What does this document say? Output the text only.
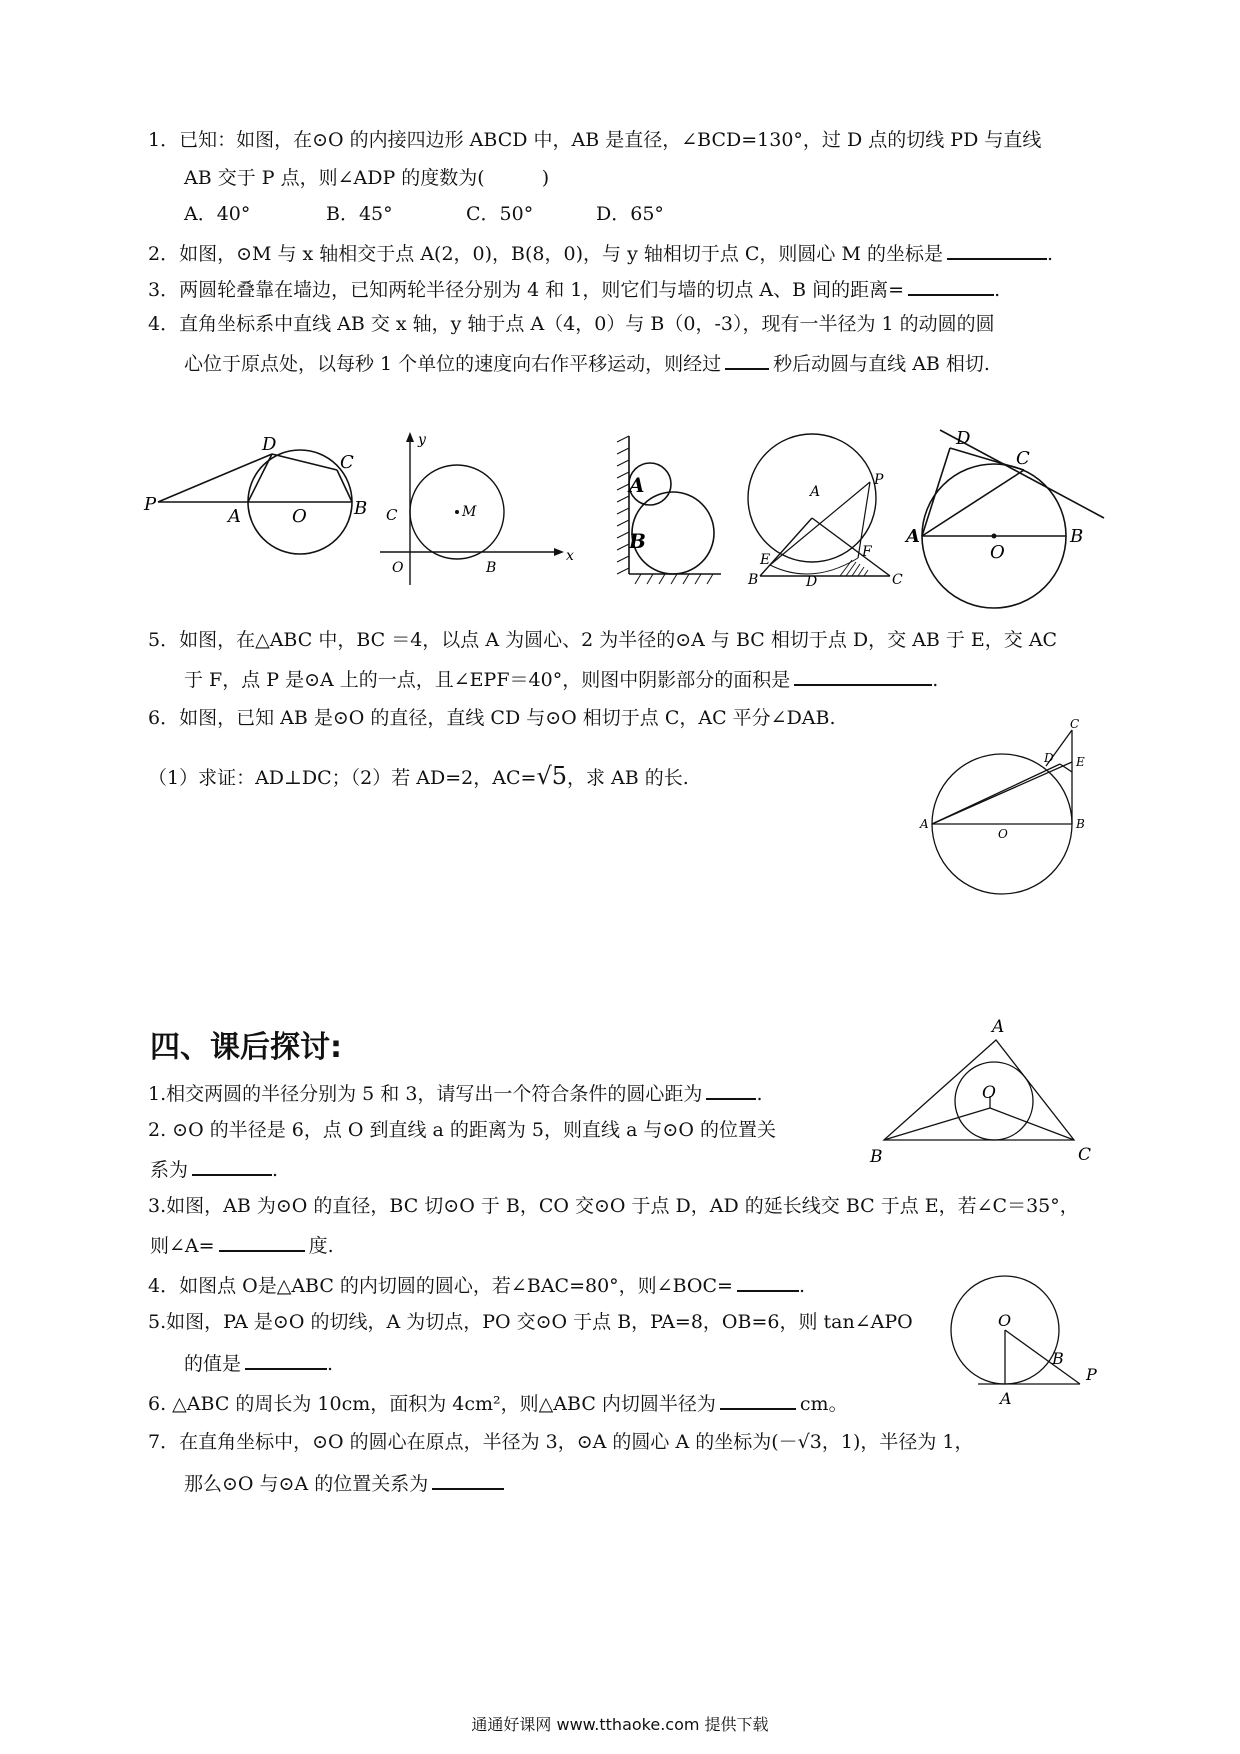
1．已知：如图，在⊙O 的内接四边形 ABCD 中，AB 是直径，∠BCD=130°，过 D 点的切线 PD 与直线
AB 交于 P 点，则∠ADP 的度数为(　　　)
A．40°	B．45°	C．50°	D．65°
2．如图，⊙M 与 x 轴相交于点 A(2，0)，B(8，0)，与 y 轴相切于点 C，则圆心 M 的坐标是	.
3．两圆轮叠靠在墙边，已知两轮半径分别为 4 和 1，则它们与墙的切点 A、B 间的距离=	.
4．直角坐标系中直线 AB 交 x 轴，y 轴于点 A（4，0）与 B（0，-3），现有一半径为 1 的动圆的圆
心位于原点处，以每秒 1 个单位的速度向右作平移运动，则经过	秒后动圆与直线 AB 相切.
P
A	O	B
D
C
y
x
C	M
O	B
A
B
A
P
E	F
B	D	C
D
C
A
O
B
5．如图，在△ABC 中，BC ＝4，以点 A 为圆心、2 为半径的⊙A 与 BC 相切于点 D，交 AB 于 E，交 AC
于 F，点 P 是⊙A 上的一点，且∠EPF＝40°，则图中阴影部分的面积是	.
6．如图，已知 AB 是⊙O 的直径，直线 CD 与⊙O 相切于点 C，AC 平分∠DAB.
（1）求证：AD⊥DC；（2）若 AD=2，AC=√5，求 AB 的长.
C
D E
A
O
B
四、课后探讨:
1.相交两圆的半径分别为 5 和 3，请写出一个符合条件的圆心距为	.
2. ⊙O 的半径是 6，点 O 到直线 a 的距离为 5，则直线 a 与⊙O 的位置关
系为	.
3.如图，AB 为⊙O 的直径，BC 切⊙O 于 B，CO 交⊙O 于点 D，AD 的延长线交 BC 于点 E，若∠C＝35°，
则∠A=	度.
4．如图点 O是△ABC 的内切圆的圆心，若∠BAC=80°，则∠BOC=	.
5.如图，PA 是⊙O 的切线，A 为切点，PO 交⊙O 于点 B，PA=8，OB=6，则 tan∠APO
的值是	.
6. △ABC 的周长为 10cm，面积为 4cm²，则△ABC 内切圆半径为	cm。
7．在直角坐标中，⊙O 的圆心在原点，半径为 3，⊙A 的圆心 A 的坐标为(－√3，1)，半径为 1，
那么⊙O 与⊙A 的位置关系为
A
O
B	C
O
B
P
A
通通好课网 www.tthaoke.com 提供下载
